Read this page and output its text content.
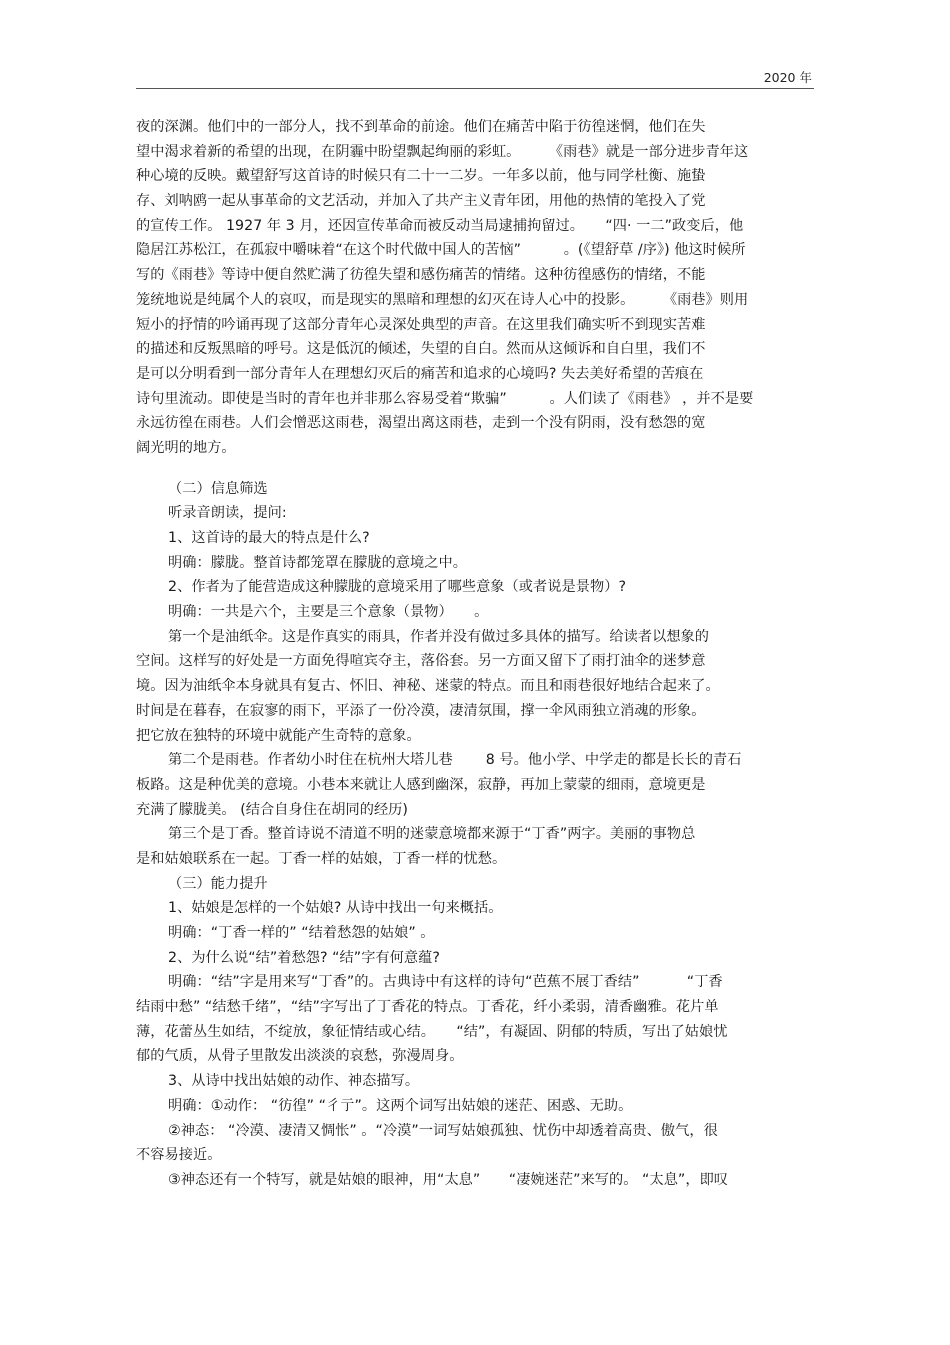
2020 年
夜的深渊。他们中的一部分人，找不到革命的前途。他们在痛苦中陷于彷徨迷惘，他们在失
望中渴求着新的希望的出现，在阴霾中盼望飘起绚丽的彩虹。　　　《雨巷》就是一部分进步青年这
种心境的反映。戴望舒写这首诗的时候只有二十一二岁。一年多以前，他与同学杜衡、施蛰
存、刘呐鸥一起从事革命的文艺活动，并加入了共产主义青年团，用他的热情的笔投入了党
的宣传工作。 1927 年 3 月，还因宣传革命而被反动当局逮捕拘留过。　　“四· 一二”政变后，他
隐居江苏松江，在孤寂中嚼味着“在这个时代做中国人的苦恼”　　　。(《望舒草 /序》) 他这时候所
写的《雨巷》等诗中便自然贮满了彷徨失望和感伤痛苦的情绪。这种彷徨感伤的情绪，不能
笼统地说是纯属个人的哀叹，而是现实的黑暗和理想的幻灭在诗人心中的投影。　　　《雨巷》则用
短小的抒情的吟诵再现了这部分青年心灵深处典型的声音。在这里我们确实听不到现实苦难
的描述和反叛黑暗的呼号。这是低沉的倾述，失望的自白。然而从这倾诉和自白里，我们不
是可以分明看到一部分青年人在理想幻灭后的痛苦和追求的心境吗? 失去美好希望的苦痕在
诗句里流动。即使是当时的青年也并非那么容易受着“欺骗”　　　。人们读了《雨巷》 ，并不是要
永远彷徨在雨巷。人们会憎恶这雨巷，渴望出离这雨巷，走到一个没有阴雨，没有愁怨的宽
阔光明的地方。
（二）信息筛选
听录音朗读，提问:
1、这首诗的最大的特点是什么?
明确：朦胧。整首诗都笼罩在朦胧的意境之中。
2、作者为了能营造成这种朦胧的意境采用了哪些意象（或者说是景物）?
明确：一共是六个，主要是三个意象（景物）　　。
第一个是油纸伞。这是作真实的雨具，作者并没有做过多具体的描写。给读者以想象的
空间。这样写的好处是一方面免得喧宾夺主，落俗套。另一方面又留下了雨打油伞的迷梦意
境。因为油纸伞本身就具有复古、怀旧、神秘、迷蒙的特点。而且和雨巷很好地结合起来了。
时间是在暮春，在寂寥的雨下，平添了一份冷漠，凄清氛围，撑一伞风雨独立消魂的形象。
把它放在独特的环境中就能产生奇特的意象。
第二个是雨巷。作者幼小时住在杭州大塔儿巷　　 8 号。他小学、中学走的都是长长的青石
板路。这是种优美的意境。小巷本来就让人感到幽深，寂静，再加上蒙蒙的细雨，意境更是
充满了朦胧美。 (结合自身住在胡同的经历)
第三个是丁香。整首诗说不清道不明的迷蒙意境都来源于“丁香”两字。美丽的事物总
是和姑娘联系在一起。丁香一样的姑娘，丁香一样的忧愁。
（三）能力提升
1、姑娘是怎样的一个姑娘? 从诗中找出一句来概括。
明确：“丁香一样的” “结着愁怨的姑娘” 。
2、为什么说“结”着愁怨? “结”字有何意蕴?
明确：“结”字是用来写“丁香”的。古典诗中有这样的诗句“芭蕉不展丁香结”　　　 “丁香
结雨中愁” “结愁千绪”，“结”字写出了丁香花的特点。丁香花，纤小柔弱，清香幽雅。花片单
薄，花蕾丛生如结，不绽放，象征情结或心结。　　“结”，有凝固、阴郁的特质，写出了姑娘忧
郁的气质，从骨子里散发出淡淡的哀愁，弥漫周身。
3、从诗中找出姑娘的动作、神态描写。
明确：①动作： “彷徨” “彳亍”。这两个词写出姑娘的迷茫、困惑、无助。
②神态： “冷漠、凄清又惆怅” 。“冷漠”一词写姑娘孤独、忧伤中却透着高贵、傲气，很
不容易接近。
③神态还有一个特写，就是姑娘的眼神，用“太息”　　“凄婉迷茫”来写的。 “太息”，即叹
